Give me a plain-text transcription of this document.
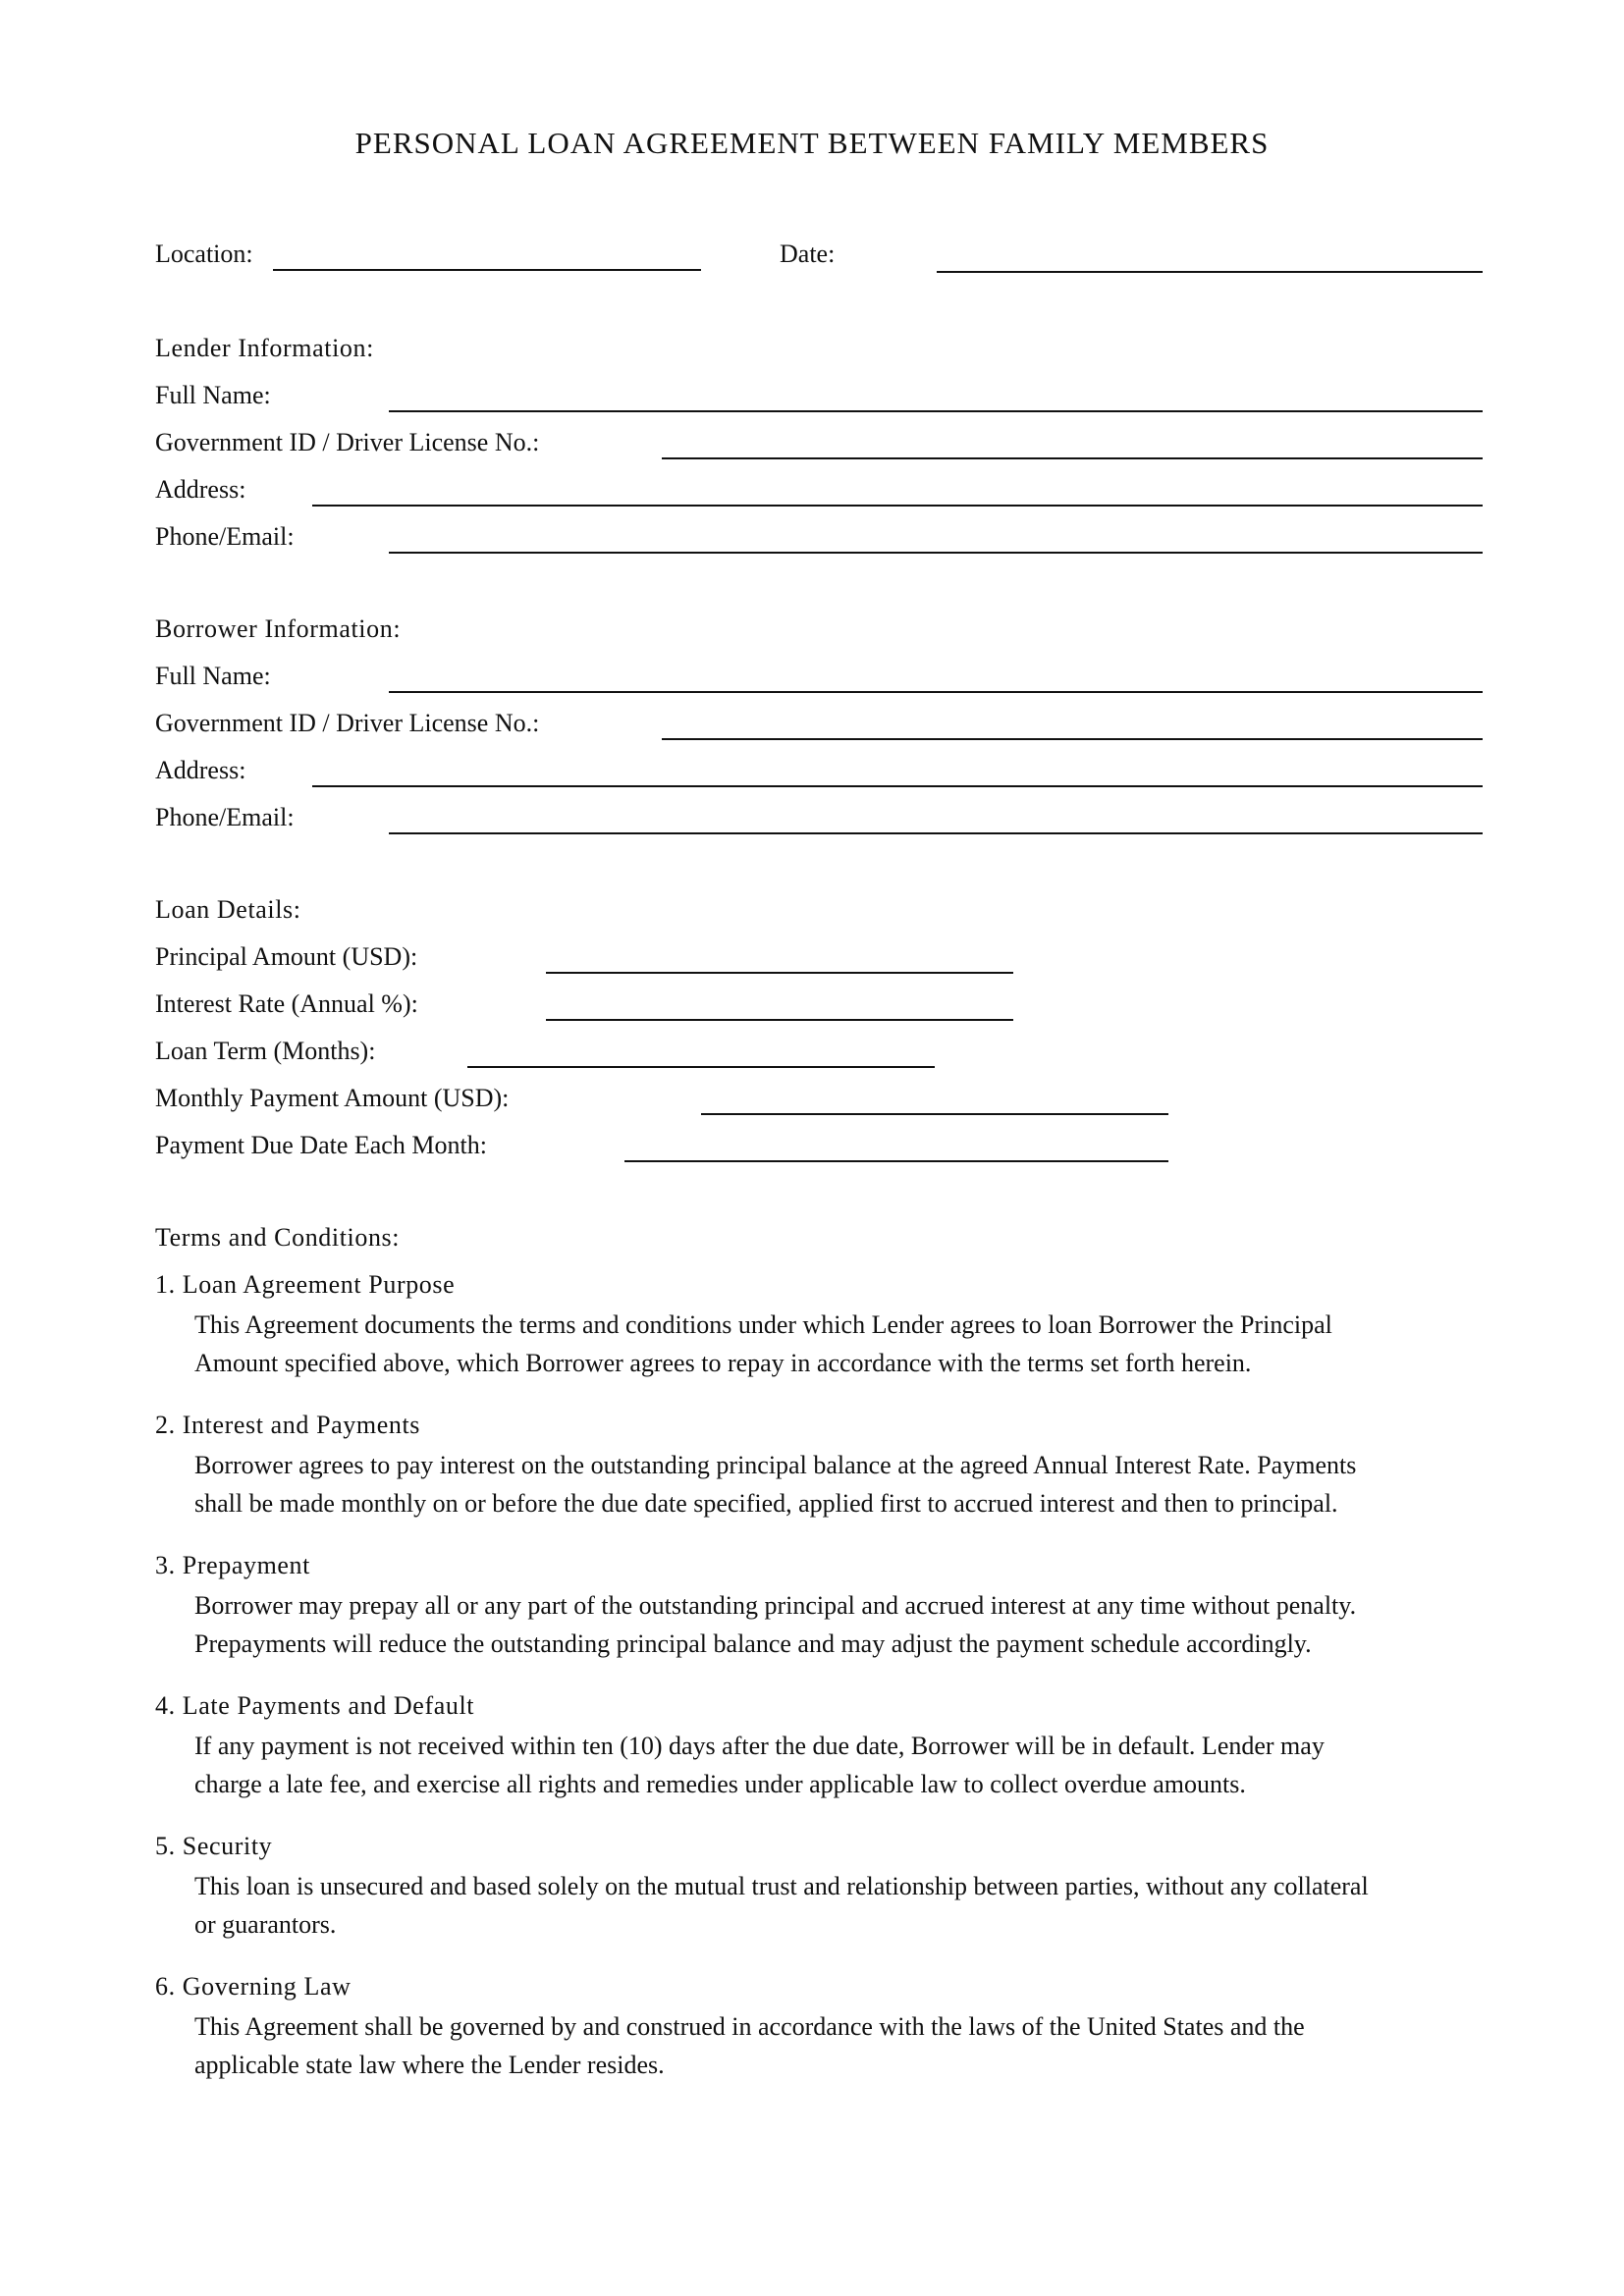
PERSONAL LOAN AGREEMENT BETWEEN FAMILY MEMBERS
Location:	Date:
Lender Information:
Full Name:
Government ID / Driver License No.:
Address:
Phone/Email:
Borrower Information:
Full Name:
Government ID / Driver License No.:
Address:
Phone/Email:
Loan Details:
Principal Amount (USD):
Interest Rate (Annual %):
Loan Term (Months):
Monthly Payment Amount (USD):
Payment Due Date Each Month:
Terms and Conditions:
1. Loan Agreement Purpose
This Agreement documents the terms and conditions under which Lender agrees to loan Borrower the Principal
Amount specified above, which Borrower agrees to repay in accordance with the terms set forth herein.
2. Interest and Payments
Borrower agrees to pay interest on the outstanding principal balance at the agreed Annual Interest Rate. Payments
shall be made monthly on or before the due date specified, applied first to accrued interest and then to principal.
3. Prepayment
Borrower may prepay all or any part of the outstanding principal and accrued interest at any time without penalty.
Prepayments will reduce the outstanding principal balance and may adjust the payment schedule accordingly.
4. Late Payments and Default
If any payment is not received within ten (10) days after the due date, Borrower will be in default. Lender may
charge a late fee, and exercise all rights and remedies under applicable law to collect overdue amounts.
5. Security
This loan is unsecured and based solely on the mutual trust and relationship between parties, without any collateral
or guarantors.
6. Governing Law
This Agreement shall be governed by and construed in accordance with the laws of the United States and the
applicable state law where the Lender resides.
